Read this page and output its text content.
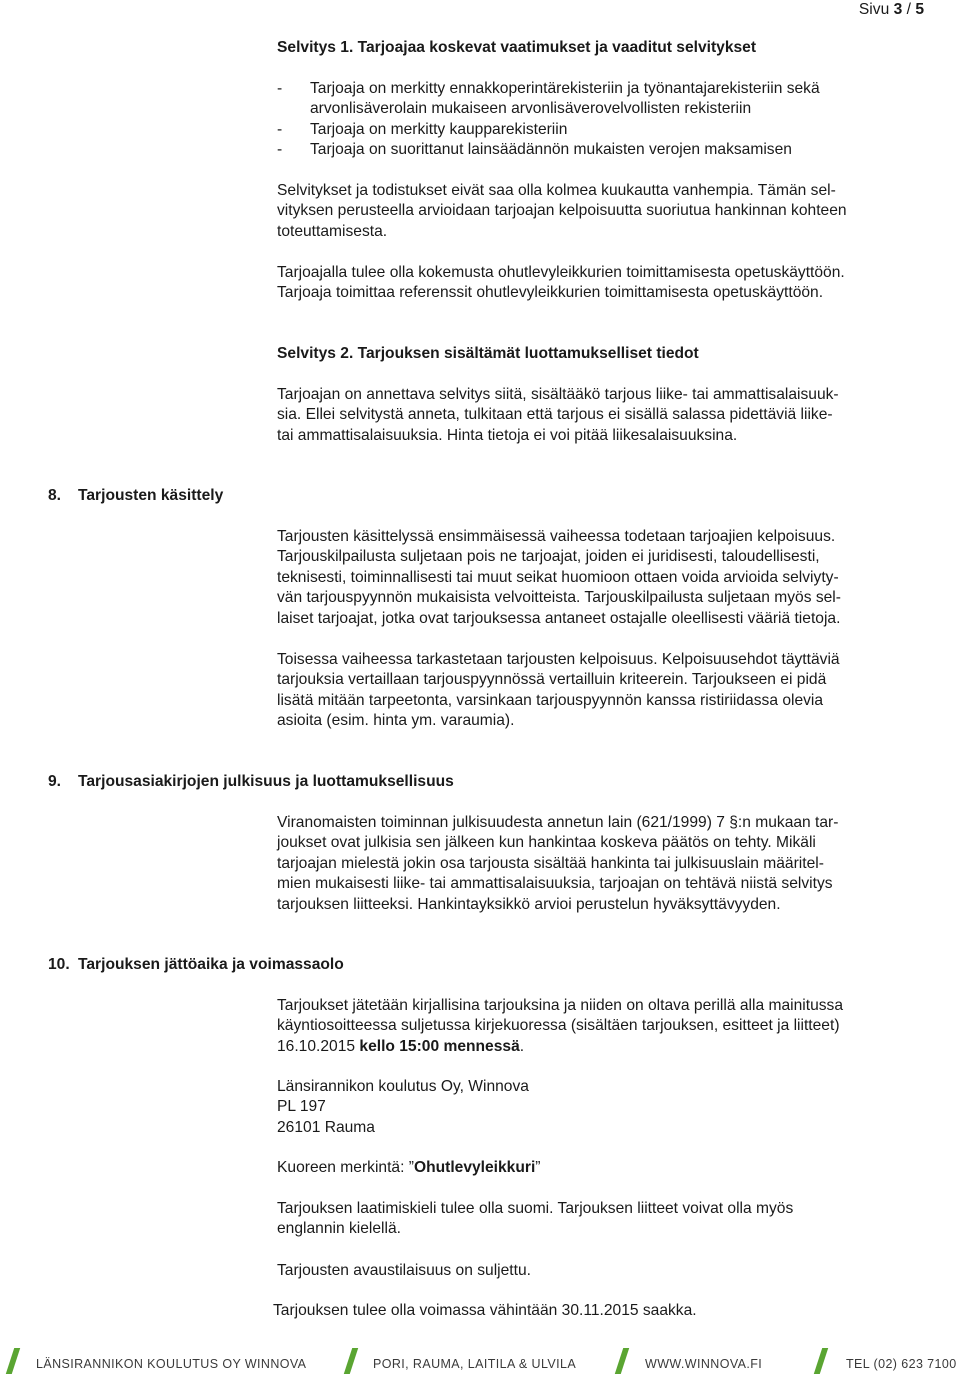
Sivu 3 / 5
Selvitys 1. Tarjoajaa koskevat vaatimukset ja vaaditut selvitykset
-	Tarjoaja on merkitty ennakkoperintärekisteriin ja työnantajarekisteriin sekä
arvonlisäverolain mukaiseen arvonlisäverovelvollisten rekisteriin
-	Tarjoaja on merkitty kaupparekisteriin
-	Tarjoaja on suorittanut lainsäädännön mukaisten verojen maksamisen
Selvitykset ja todistukset eivät saa olla kolmea kuukautta vanhempia. Tämän sel-
vityksen perusteella arvioidaan tarjoajan kelpoisuutta suoriutua hankinnan kohteen
toteuttamisesta.
Tarjoajalla tulee olla kokemusta ohutlevyleikkurien toimittamisesta opetuskäyttöön.
Tarjoaja toimittaa referenssit ohutlevyleikkurien toimittamisesta opetuskäyttöön.
Selvitys 2. Tarjouksen sisältämät luottamukselliset tiedot
Tarjoajan on annettava selvitys siitä, sisältääkö tarjous liike- tai ammattisalaisuuk-
sia. Ellei selvitystä anneta, tulkitaan että tarjous ei sisällä salassa pidettäviä liike-
tai ammattisalaisuuksia. Hinta tietoja ei voi pitää liikesalaisuuksina.
8. Tarjousten käsittely
Tarjousten käsittelyssä ensimmäisessä vaiheessa todetaan tarjoajien kelpoisuus.
Tarjouskilpailusta suljetaan pois ne tarjoajat, joiden ei juridisesti, taloudellisesti,
teknisesti, toiminnallisesti tai muut seikat huomioon ottaen voida arvioida selviyty-
vän tarjouspyynnön mukaisista velvoitteista. Tarjouskilpailusta suljetaan myös sel-
laiset tarjoajat, jotka ovat tarjouksessa antaneet ostajalle oleellisesti vääriä tietoja.
Toisessa vaiheessa tarkastetaan tarjousten kelpoisuus. Kelpoisuusehdot täyttäviä
tarjouksia vertaillaan tarjouspyynnössä vertailluin kriteerein. Tarjoukseen ei pidä
lisätä mitään tarpeetonta, varsinkaan tarjouspyynnön kanssa ristiriidassa olevia
asioita (esim. hinta ym. varaumia).
9. Tarjousasiakirjojen julkisuus ja luottamuksellisuus
Viranomaisten toiminnan julkisuudesta annetun lain (621/1999) 7 §:n mukaan tar-
joukset ovat julkisia sen jälkeen kun hankintaa koskeva päätös on tehty. Mikäli
tarjoajan mielestä jokin osa tarjousta sisältää hankinta tai julkisuuslain määritel-
mien mukaisesti liike- tai ammattisalaisuuksia, tarjoajan on tehtävä niistä selvitys
tarjouksen liitteeksi. Hankintayksikkö arvioi perustelun hyväksyttävyyden.
10. Tarjouksen jättöaika ja voimassaolo
Tarjoukset jätetään kirjallisina tarjouksina ja niiden on oltava perillä alla mainitussa
käyntiosoitteessa suljetussa kirjekuoressa (sisältäen tarjouksen, esitteet ja liitteet)
16.10.2015 kello 15:00 mennessä.
Länsirannikon koulutus Oy, Winnova
PL 197
26101 Rauma
Kuoreen merkintä: ”Ohutlevyleikkuri”
Tarjouksen laatimiskieli tulee olla suomi. Tarjouksen liitteet voivat olla myös
englannin kielellä.
Tarjousten avaustilaisuus on suljettu.
Tarjouksen tulee olla voimassa vähintään 30.11.2015 saakka.
LÄNSIRANNIKON KOULUTUS OY WINNOVA	PORI, RAUMA, LAITILA & ULVILA	WWW.WINNOVA.FI	TEL (02) 623 7100
